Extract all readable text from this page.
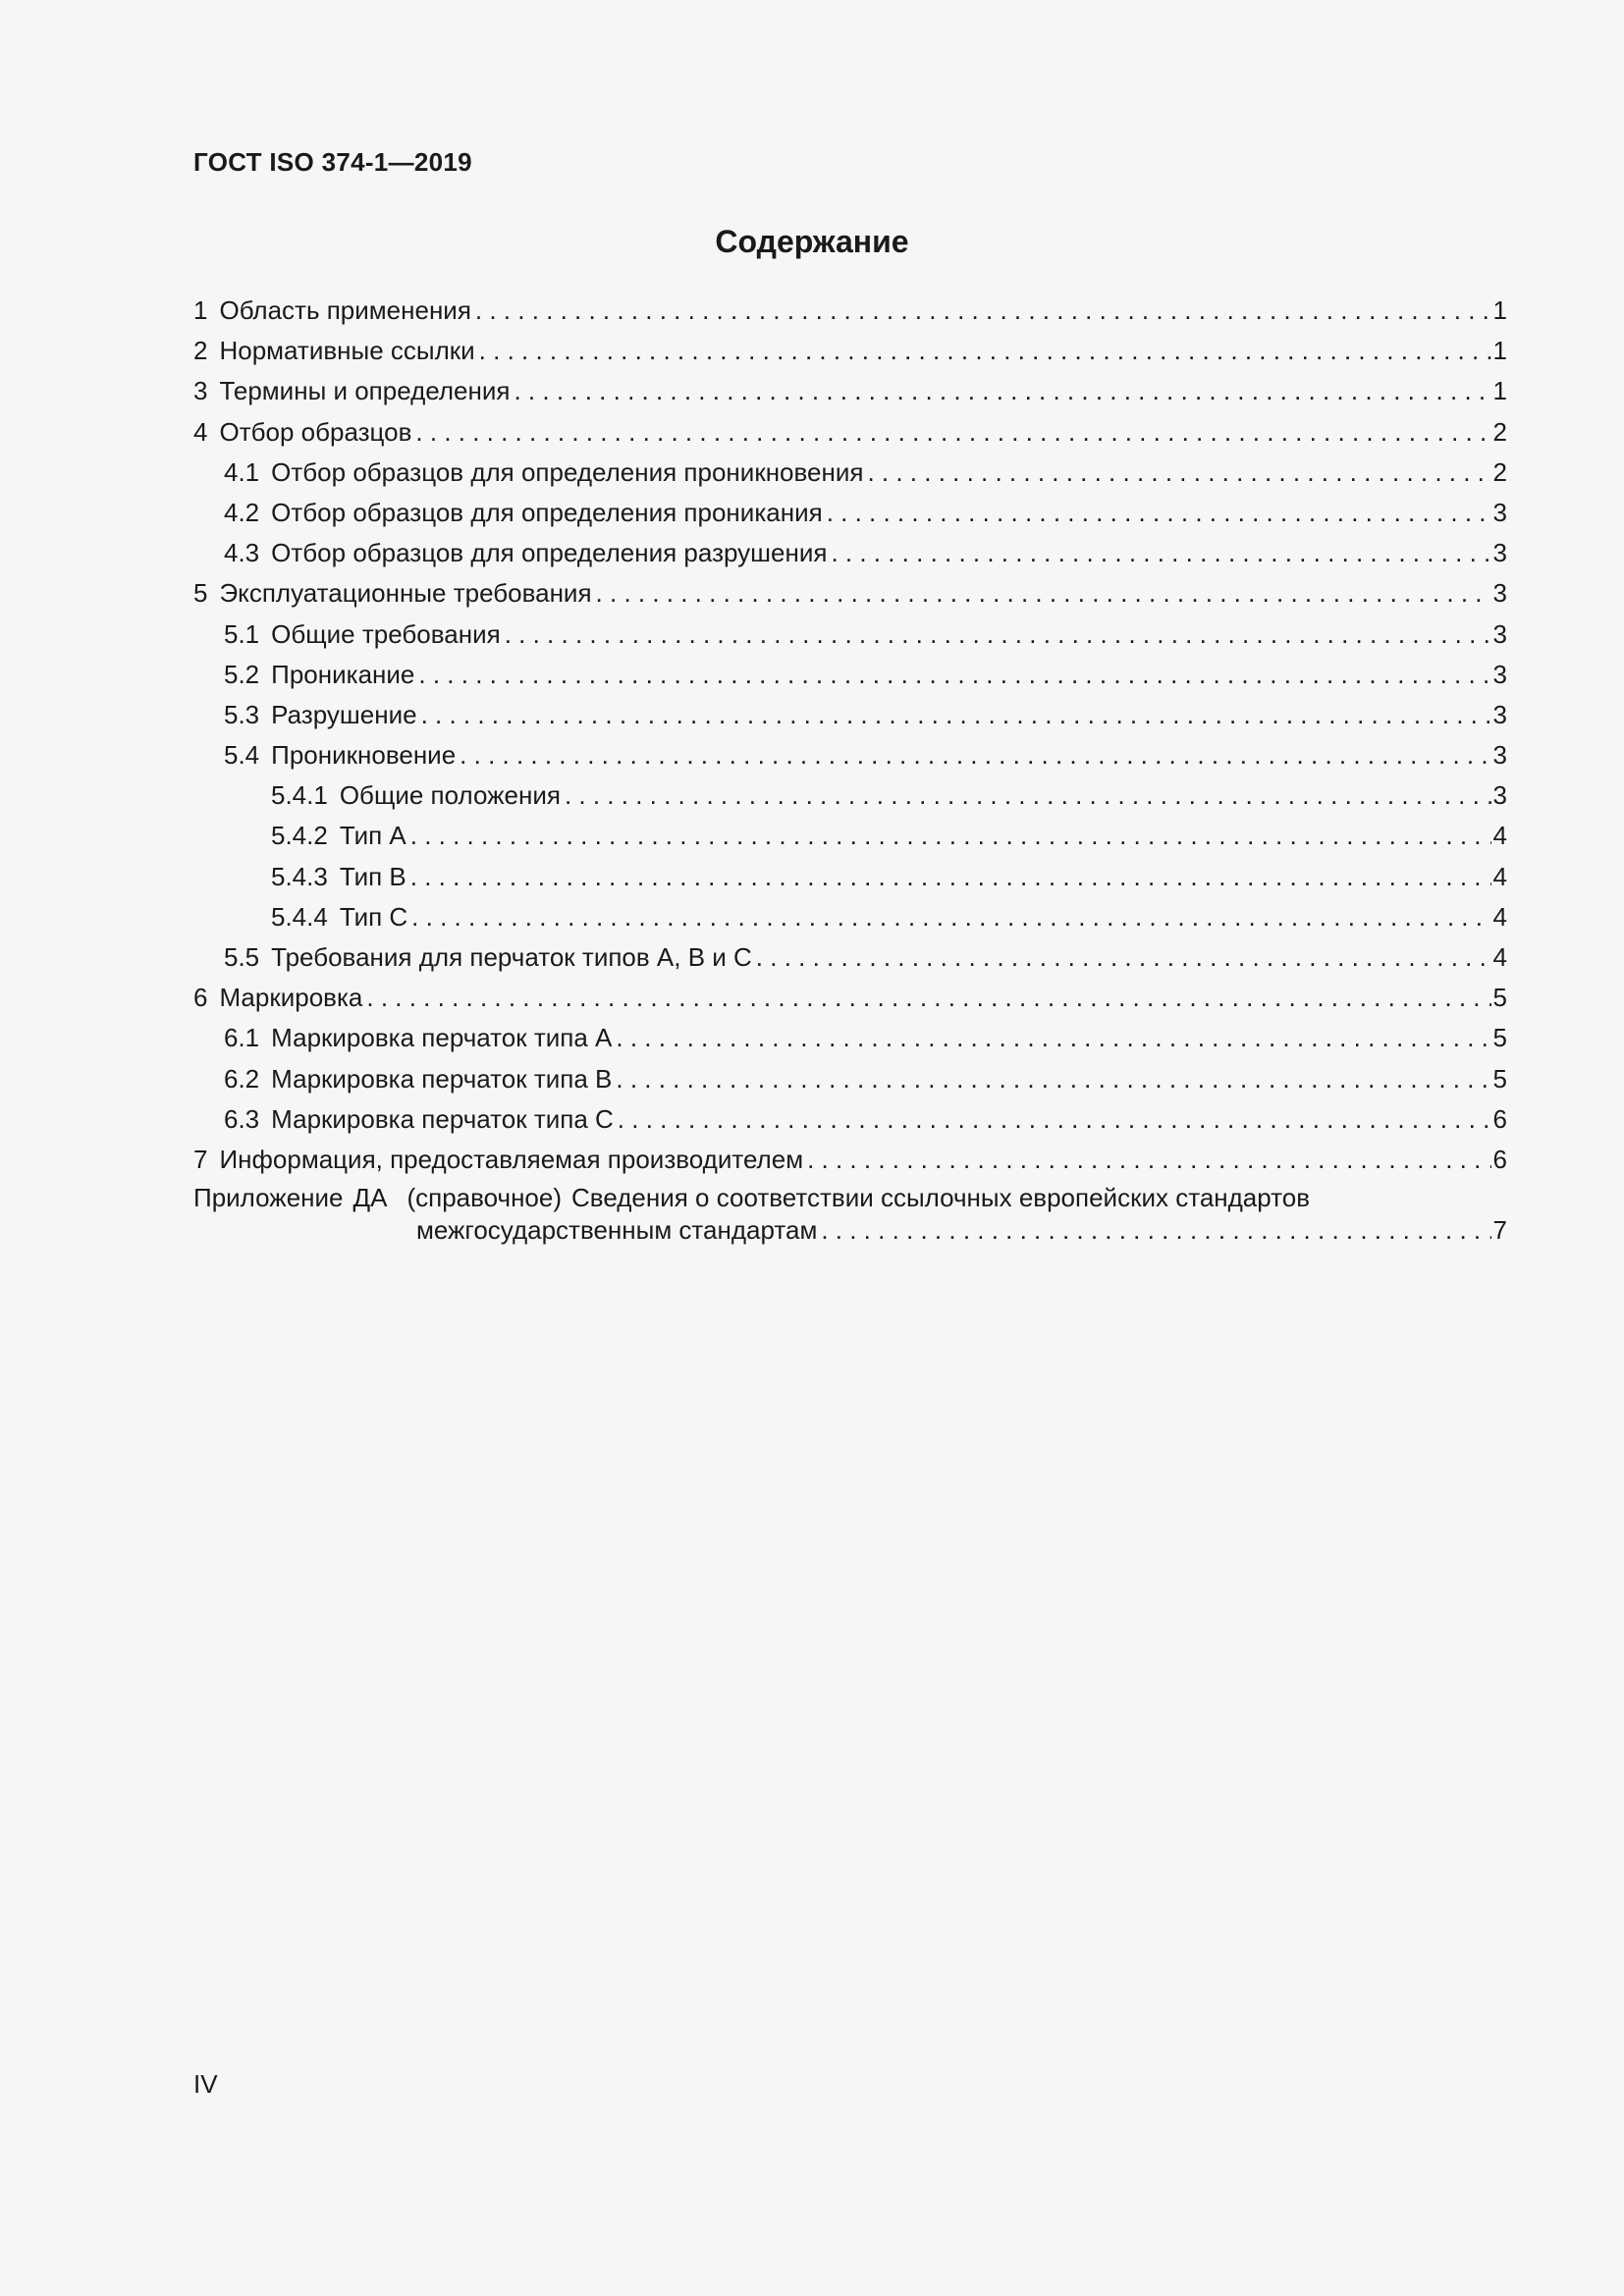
ГОСТ ISO 374-1—2019
Содержание
1 Область применения . . .	1
2 Нормативные ссылки . . .	1
3 Термины и определения . . .	1
4 Отбор образцов . . .	2
4.1 Отбор образцов для определения проникновения . . .	2
4.2 Отбор образцов для определения проникания . . .	3
4.3 Отбор образцов для определения разрушения . . .	3
5 Эксплуатационные требования . . .	3
5.1 Общие требования . . .	3
5.2 Проникание . . .	3
5.3 Разрушение . . .	3
5.4 Проникновение . . .	3
5.4.1 Общие положения . . .	3
5.4.2 Тип А . . .	4
5.4.3 Тип В . . .	4
5.4.4 Тип С . . .	4
5.5 Требования для перчаток типов А, В и С . . .	4
6 Маркировка . . .	5
6.1 Маркировка перчаток типа А . . .	5
6.2 Маркировка перчаток типа В . . .	5
6.3 Маркировка перчаток типа С . . .	6
7 Информация, предоставляемая производителем . . .	6
Приложение ДА (справочное) Сведения о соответствии ссылочных европейских стандартов
межгосударственным стандартам . . .	7
IV
